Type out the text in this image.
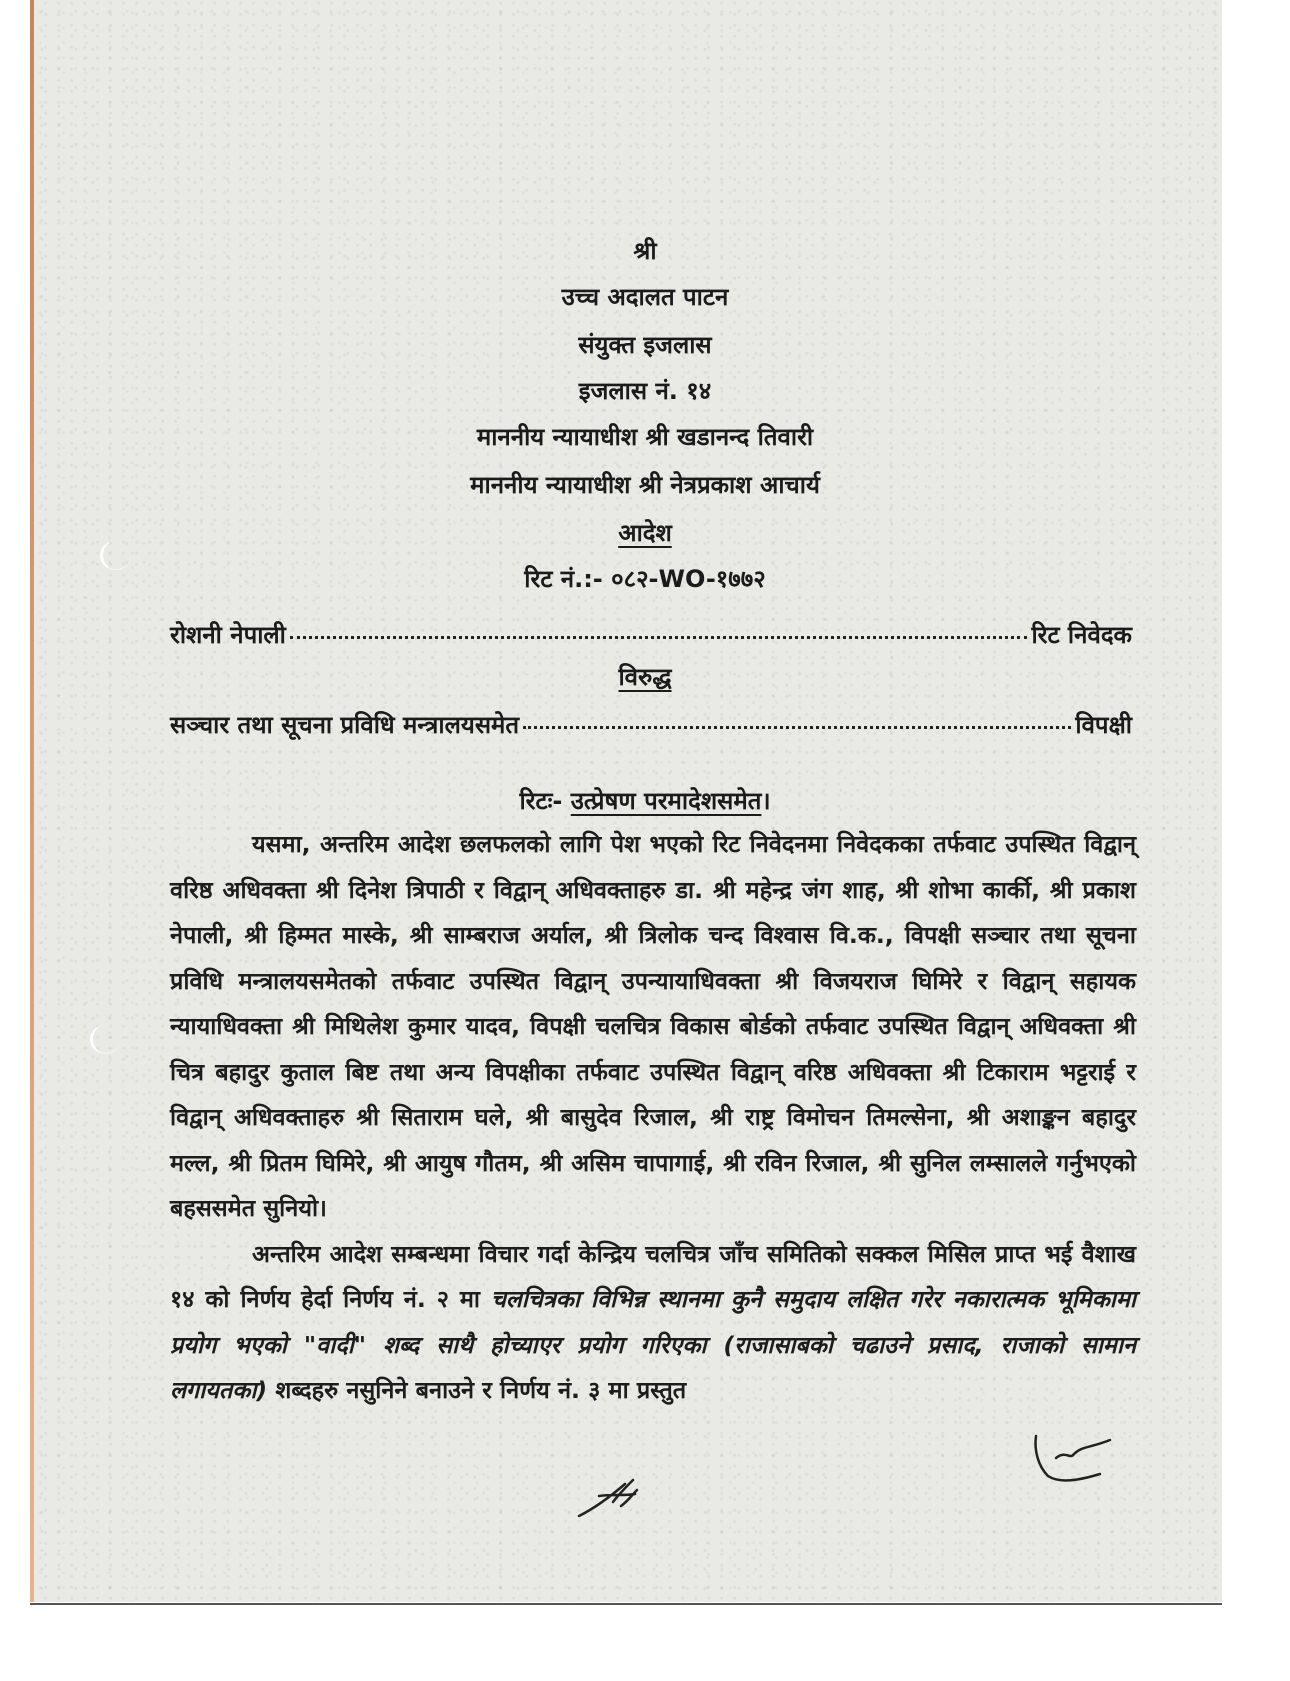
श्री
उच्च अदालत पाटन
संयुक्त इजलास
इजलास नं. १४
माननीय न्यायाधीश श्री खडानन्द तिवारी
माननीय न्यायाधीश श्री नेत्रप्रकाश आचार्य
आदेश
रिट नं.:- ०८२-WO-१७७२
रोशनी नेपाली	रिट निवेदक
विरुद्ध
सञ्चार तथा सूचना प्रविधि मन्त्रालयसमेत	विपक्षी
रिटः- उत्प्रेषण परमादेशसमेत।

यसमा, अन्तरिम आदेश छलफलको लागि पेश भएको रिट निवेदनमा निवेदकका तर्फवाट उपस्थित विद्वान् वरिष्ठ अधिवक्ता श्री दिनेश त्रिपाठी र विद्वान् अधिवक्ताहरु डा. श्री महेन्द्र जंग शाह, श्री शोभा कार्की, श्री प्रकाश नेपाली, श्री हिम्मत मास्के, श्री साम्बराज अर्याल, श्री त्रिलोक चन्द विश्वास वि.क., विपक्षी सञ्चार तथा सूचना प्रविधि मन्त्रालयसमेतको तर्फवाट उपस्थित विद्वान् उपन्यायाधिवक्ता श्री विजयराज घिमिरे र विद्वान् सहायक न्यायाधिवक्ता श्री मिथिलेश कुमार यादव, विपक्षी चलचित्र विकास बोर्डको तर्फवाट उपस्थित विद्वान् अधिवक्ता श्री चित्र बहादुर कुताल बिष्ट तथा अन्य विपक्षीका तर्फवाट उपस्थित विद्वान् वरिष्ठ अधिवक्ता श्री टिकाराम भट्टराई र विद्वान् अधिवक्ताहरु श्री सिताराम घले, श्री बासुदेव रिजाल, श्री राष्ट्र विमोचन तिमल्सेना, श्री अशाङ्कन बहादुर मल्ल, श्री प्रितम घिमिरे, श्री आयुष गौतम, श्री असिम चापागाई, श्री रविन रिजाल, श्री सुनिल लम्सालले गर्नुभएको बहससमेत सुनियो।

अन्तरिम आदेश सम्बन्धमा विचार गर्दा केन्द्रिय चलचित्र जाँच समितिको सक्कल मिसिल प्राप्त भई वैशाख १४ को निर्णय हेर्दा निर्णय नं. २ मा चलचित्रका विभिन्न स्थानमा कुनै समुदाय लक्षित गरेर नकारात्मक भूमिकामा प्रयोग भएको "वादी" शब्द साथै होच्याएर प्रयोग गरिएका (राजासाबको चढाउने प्रसाद, राजाको सामान लगायतका) शब्दहरु नसुनिने बनाउने र निर्णय नं. ३ मा प्रस्तुत
